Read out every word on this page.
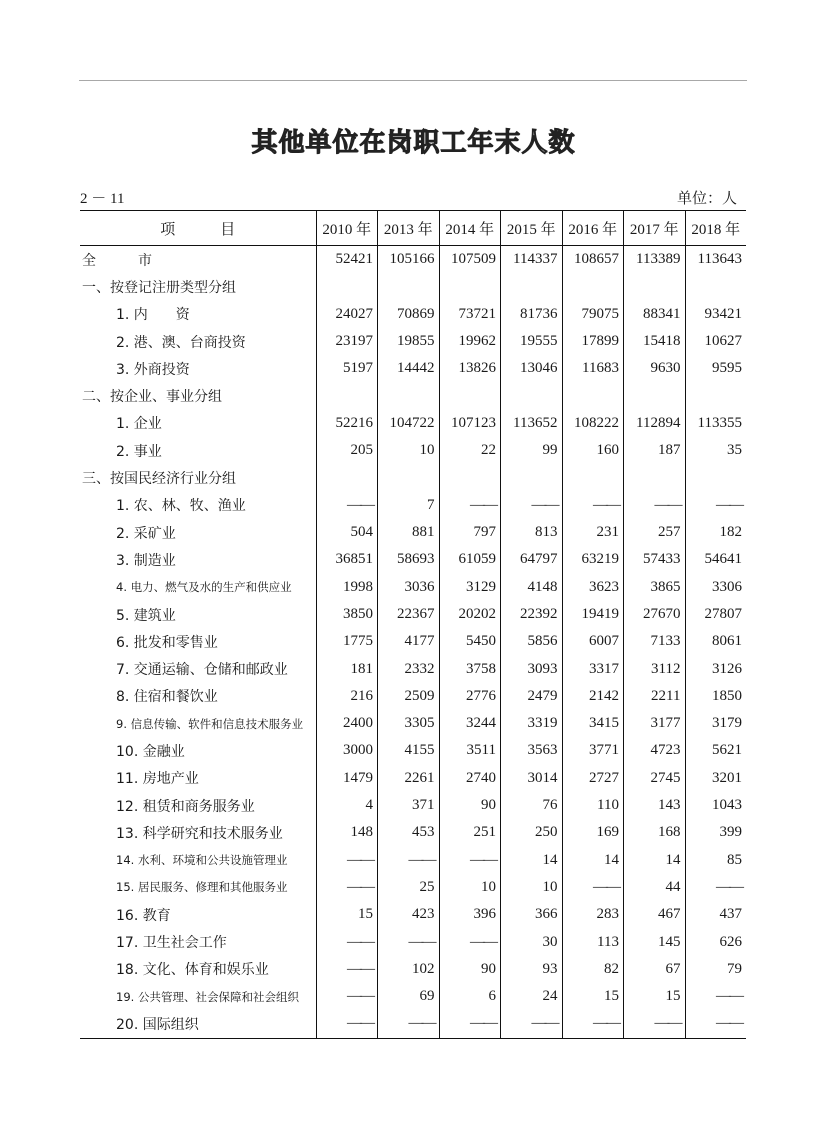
其他单位在岗职工年末人数
2 － 11	单位：人
项　　　目	2010 年	2013 年	2014 年	2015 年	2016 年	2017 年	2018 年
全　　　市	52421	105166	107509	114337	108657	113389	113643
一、按登记注册类型分组							
1. 内　　资	24027	70869	73721	81736	79075	88341	93421
2. 港、澳、台商投资	23197	19855	19962	19555	17899	15418	10627
3. 外商投资	5197	14442	13826	13046	11683	9630	9595
二、按企业、事业分组							
1. 企业	52216	104722	107123	113652	108222	112894	113355
2. 事业	205	10	22	99	160	187	35
三、按国民经济行业分组							
1. 农、林、牧、渔业	——	7	——	——	——	——	——
2. 采矿业	504	881	797	813	231	257	182
3. 制造业	36851	58693	61059	64797	63219	57433	54641
4. 电力、燃气及水的生产和供应业	1998	3036	3129	4148	3623	3865	3306
5. 建筑业	3850	22367	20202	22392	19419	27670	27807
6. 批发和零售业	1775	4177	5450	5856	6007	7133	8061
7. 交通运输、仓储和邮政业	181	2332	3758	3093	3317	3112	3126
8. 住宿和餐饮业	216	2509	2776	2479	2142	2211	1850
9. 信息传输、软件和信息技术服务业	2400	3305	3244	3319	3415	3177	3179
10. 金融业	3000	4155	3511	3563	3771	4723	5621
11. 房地产业	1479	2261	2740	3014	2727	2745	3201
12. 租赁和商务服务业	4	371	90	76	110	143	1043
13. 科学研究和技术服务业	148	453	251	250	169	168	399
14. 水利、环境和公共设施管理业	——	——	——	14	14	14	85
15. 居民服务、修理和其他服务业	——	25	10	10	——	44	——
16. 教育	15	423	396	366	283	467	437
17. 卫生社会工作	——	——	——	30	113	145	626
18. 文化、体育和娱乐业	——	102	90	93	82	67	79
19. 公共管理、社会保障和社会组织	——	69	6	24	15	15	——
20. 国际组织	——	——	——	——	——	——	——
